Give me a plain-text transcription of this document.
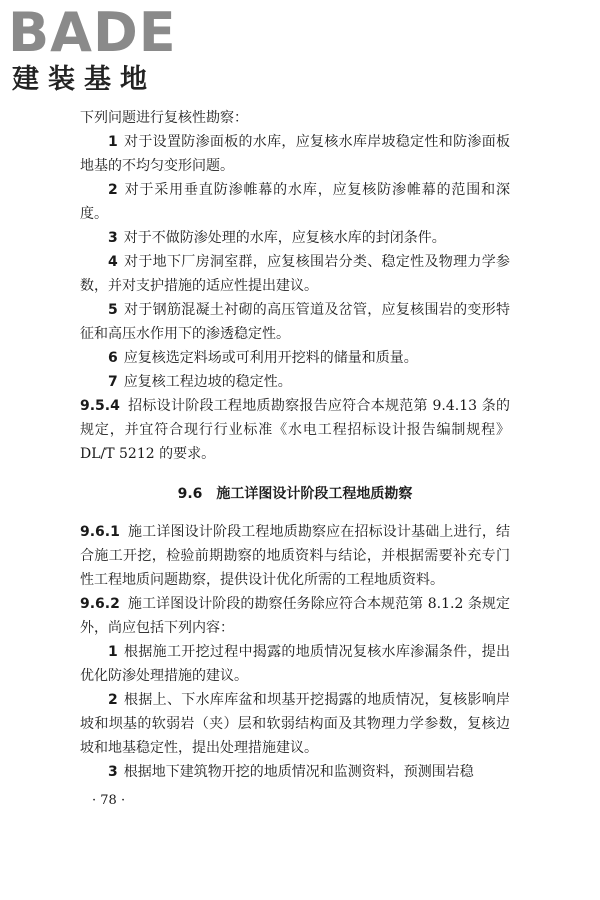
BADE
建装基地

下列问题进行复核性勘察：

1 对于设置防渗面板的水库，应复核水库岸坡稳定性和防渗面板地基的不均匀变形问题。

2 对于采用垂直防渗帷幕的水库，应复核防渗帷幕的范围和深度。

3 对于不做防渗处理的水库，应复核水库的封闭条件。

4 对于地下厂房洞室群，应复核围岩分类、稳定性及物理力学参数，并对支护措施的适应性提出建议。

5 对于钢筋混凝土衬砌的高压管道及岔管，应复核围岩的变形特征和高压水作用下的渗透稳定性。

6 应复核选定料场或可利用开挖料的储量和质量。

7 应复核工程边坡的稳定性。

9.5.4 招标设计阶段工程地质勘察报告应符合本规范第 9.4.13 条的规定，并宜符合现行行业标准《水电工程招标设计报告编制规程》DL/T 5212 的要求。

9.6 施工详图设计阶段工程地质勘察

9.6.1 施工详图设计阶段工程地质勘察应在招标设计基础上进行，结合施工开挖，检验前期勘察的地质资料与结论，并根据需要补充专门性工程地质问题勘察，提供设计优化所需的工程地质资料。

9.6.2 施工详图设计阶段的勘察任务除应符合本规范第 8.1.2 条规定外，尚应包括下列内容：

1 根据施工开挖过程中揭露的地质情况复核水库渗漏条件，提出优化防渗处理措施的建议。

2 根据上、下水库库盆和坝基开挖揭露的地质情况，复核影响岸坡和坝基的软弱岩（夹）层和软弱结构面及其物理力学参数，复核边坡和地基稳定性，提出处理措施建议。

3 根据地下建筑物开挖的地质情况和监测资料，预测围岩稳

· 78 ·
